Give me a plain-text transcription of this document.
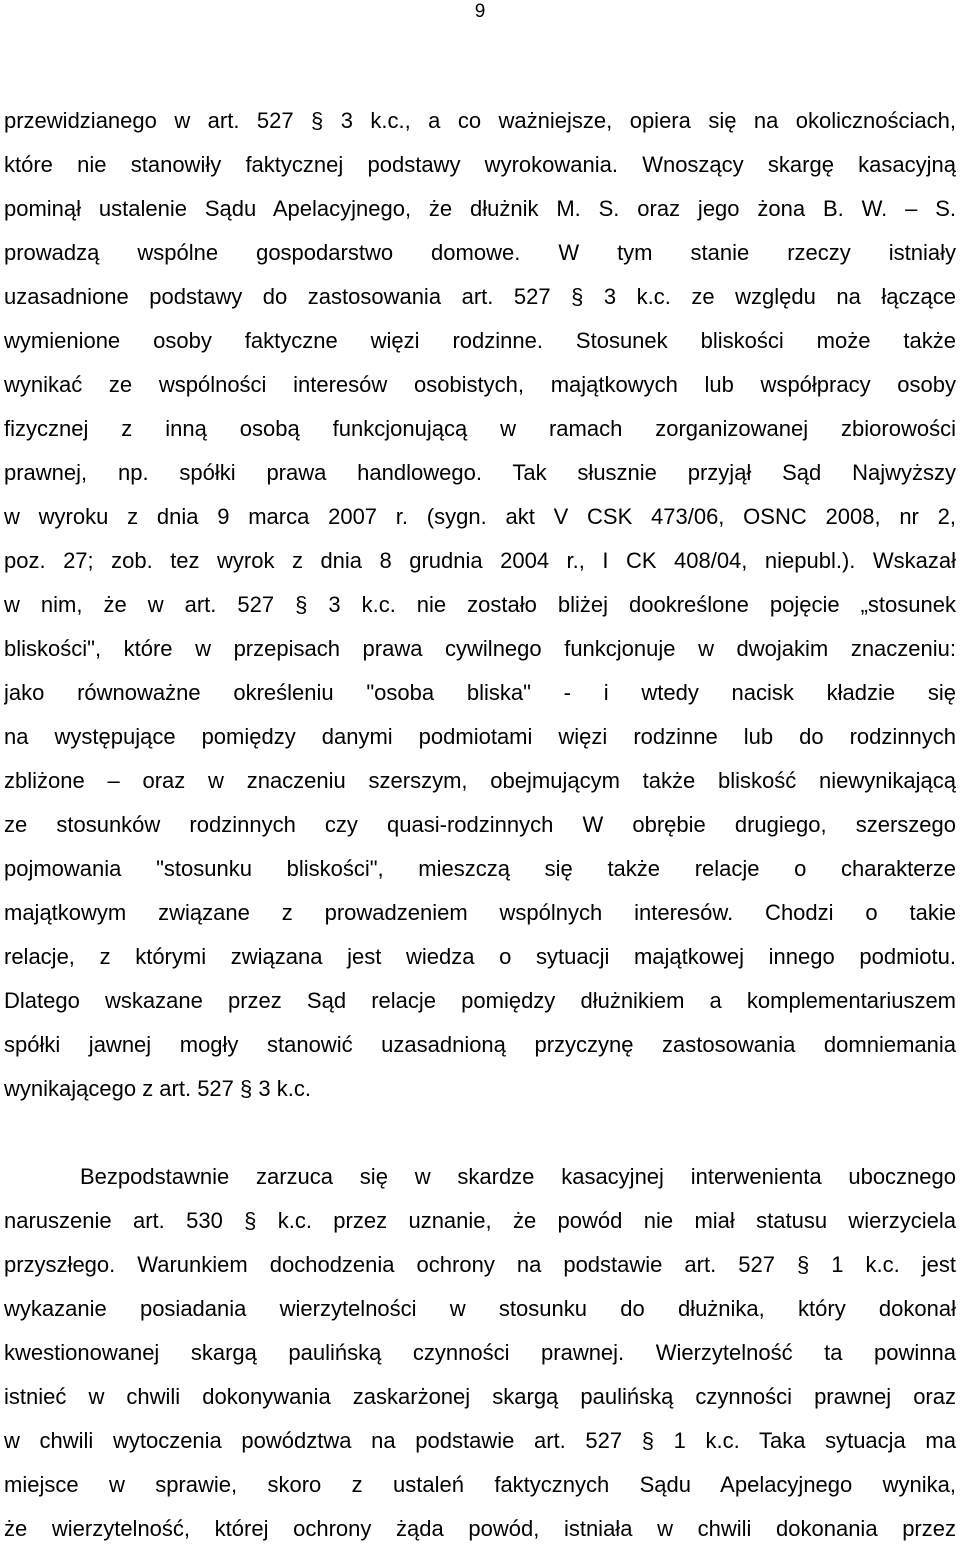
9
przewidzianego w art. 527 § 3 k.c., a co ważniejsze, opiera się na okolicznościach,
które nie stanowiły faktycznej podstawy wyrokowania. Wnoszący skargę kasacyjną
pominął ustalenie Sądu Apelacyjnego, że dłużnik M. S. oraz jego żona B. W. – S.
prowadzą wspólne gospodarstwo domowe. W tym stanie rzeczy istniały
uzasadnione podstawy do zastosowania art. 527 § 3 k.c. ze względu na łączące
wymienione osoby faktyczne więzi rodzinne. Stosunek bliskości może także
wynikać ze wspólności interesów osobistych, majątkowych lub współpracy osoby
fizycznej z inną osobą funkcjonującą w ramach zorganizowanej zbiorowości
prawnej, np. spółki prawa handlowego. Tak słusznie przyjął Sąd Najwyższy
w wyroku z dnia 9 marca 2007 r. (sygn. akt V CSK 473/06, OSNC 2008, nr 2,
poz. 27; zob. tez wyrok z dnia 8 grudnia 2004 r., I CK 408/04, niepubl.). Wskazał
w nim, że w art. 527 § 3 k.c. nie zostało bliżej dookreślone pojęcie „stosunek
bliskości", które w przepisach prawa cywilnego funkcjonuje w dwojakim znaczeniu:
jako równoważne określeniu "osoba bliska" - i wtedy nacisk kładzie się
na występujące pomiędzy danymi podmiotami więzi rodzinne lub do rodzinnych
zbliżone – oraz w znaczeniu szerszym, obejmującym także bliskość niewynikającą
ze stosunków rodzinnych czy quasi-rodzinnych W obrębie drugiego, szerszego
pojmowania "stosunku bliskości", mieszczą się także relacje o charakterze
majątkowym związane z prowadzeniem wspólnych interesów. Chodzi o takie
relacje, z którymi związana jest wiedza o sytuacji majątkowej innego podmiotu.
Dlatego wskazane przez Sąd relacje pomiędzy dłużnikiem a komplementariuszem
spółki jawnej mogły stanowić uzasadnioną przyczynę zastosowania domniemania
wynikającego z art. 527 § 3 k.c.
Bezpodstawnie zarzuca się w skardze kasacyjnej interwenienta ubocznego
naruszenie art. 530 § k.c. przez uznanie, że powód nie miał statusu wierzyciela
przyszłego. Warunkiem dochodzenia ochrony na podstawie art. 527 § 1 k.c. jest
wykazanie posiadania wierzytelności w stosunku do dłużnika, który dokonał
kwestionowanej skargą paulińską czynności prawnej. Wierzytelność ta powinna
istnieć w chwili dokonywania zaskarżonej skargą paulińską czynności prawnej oraz
w chwili wytoczenia powództwa na podstawie art. 527 § 1 k.c. Taka sytuacja ma
miejsce w sprawie, skoro z ustaleń faktycznych Sądu Apelacyjnego wynika,
że wierzytelność, której ochrony żąda powód, istniała w chwili dokonania przez
